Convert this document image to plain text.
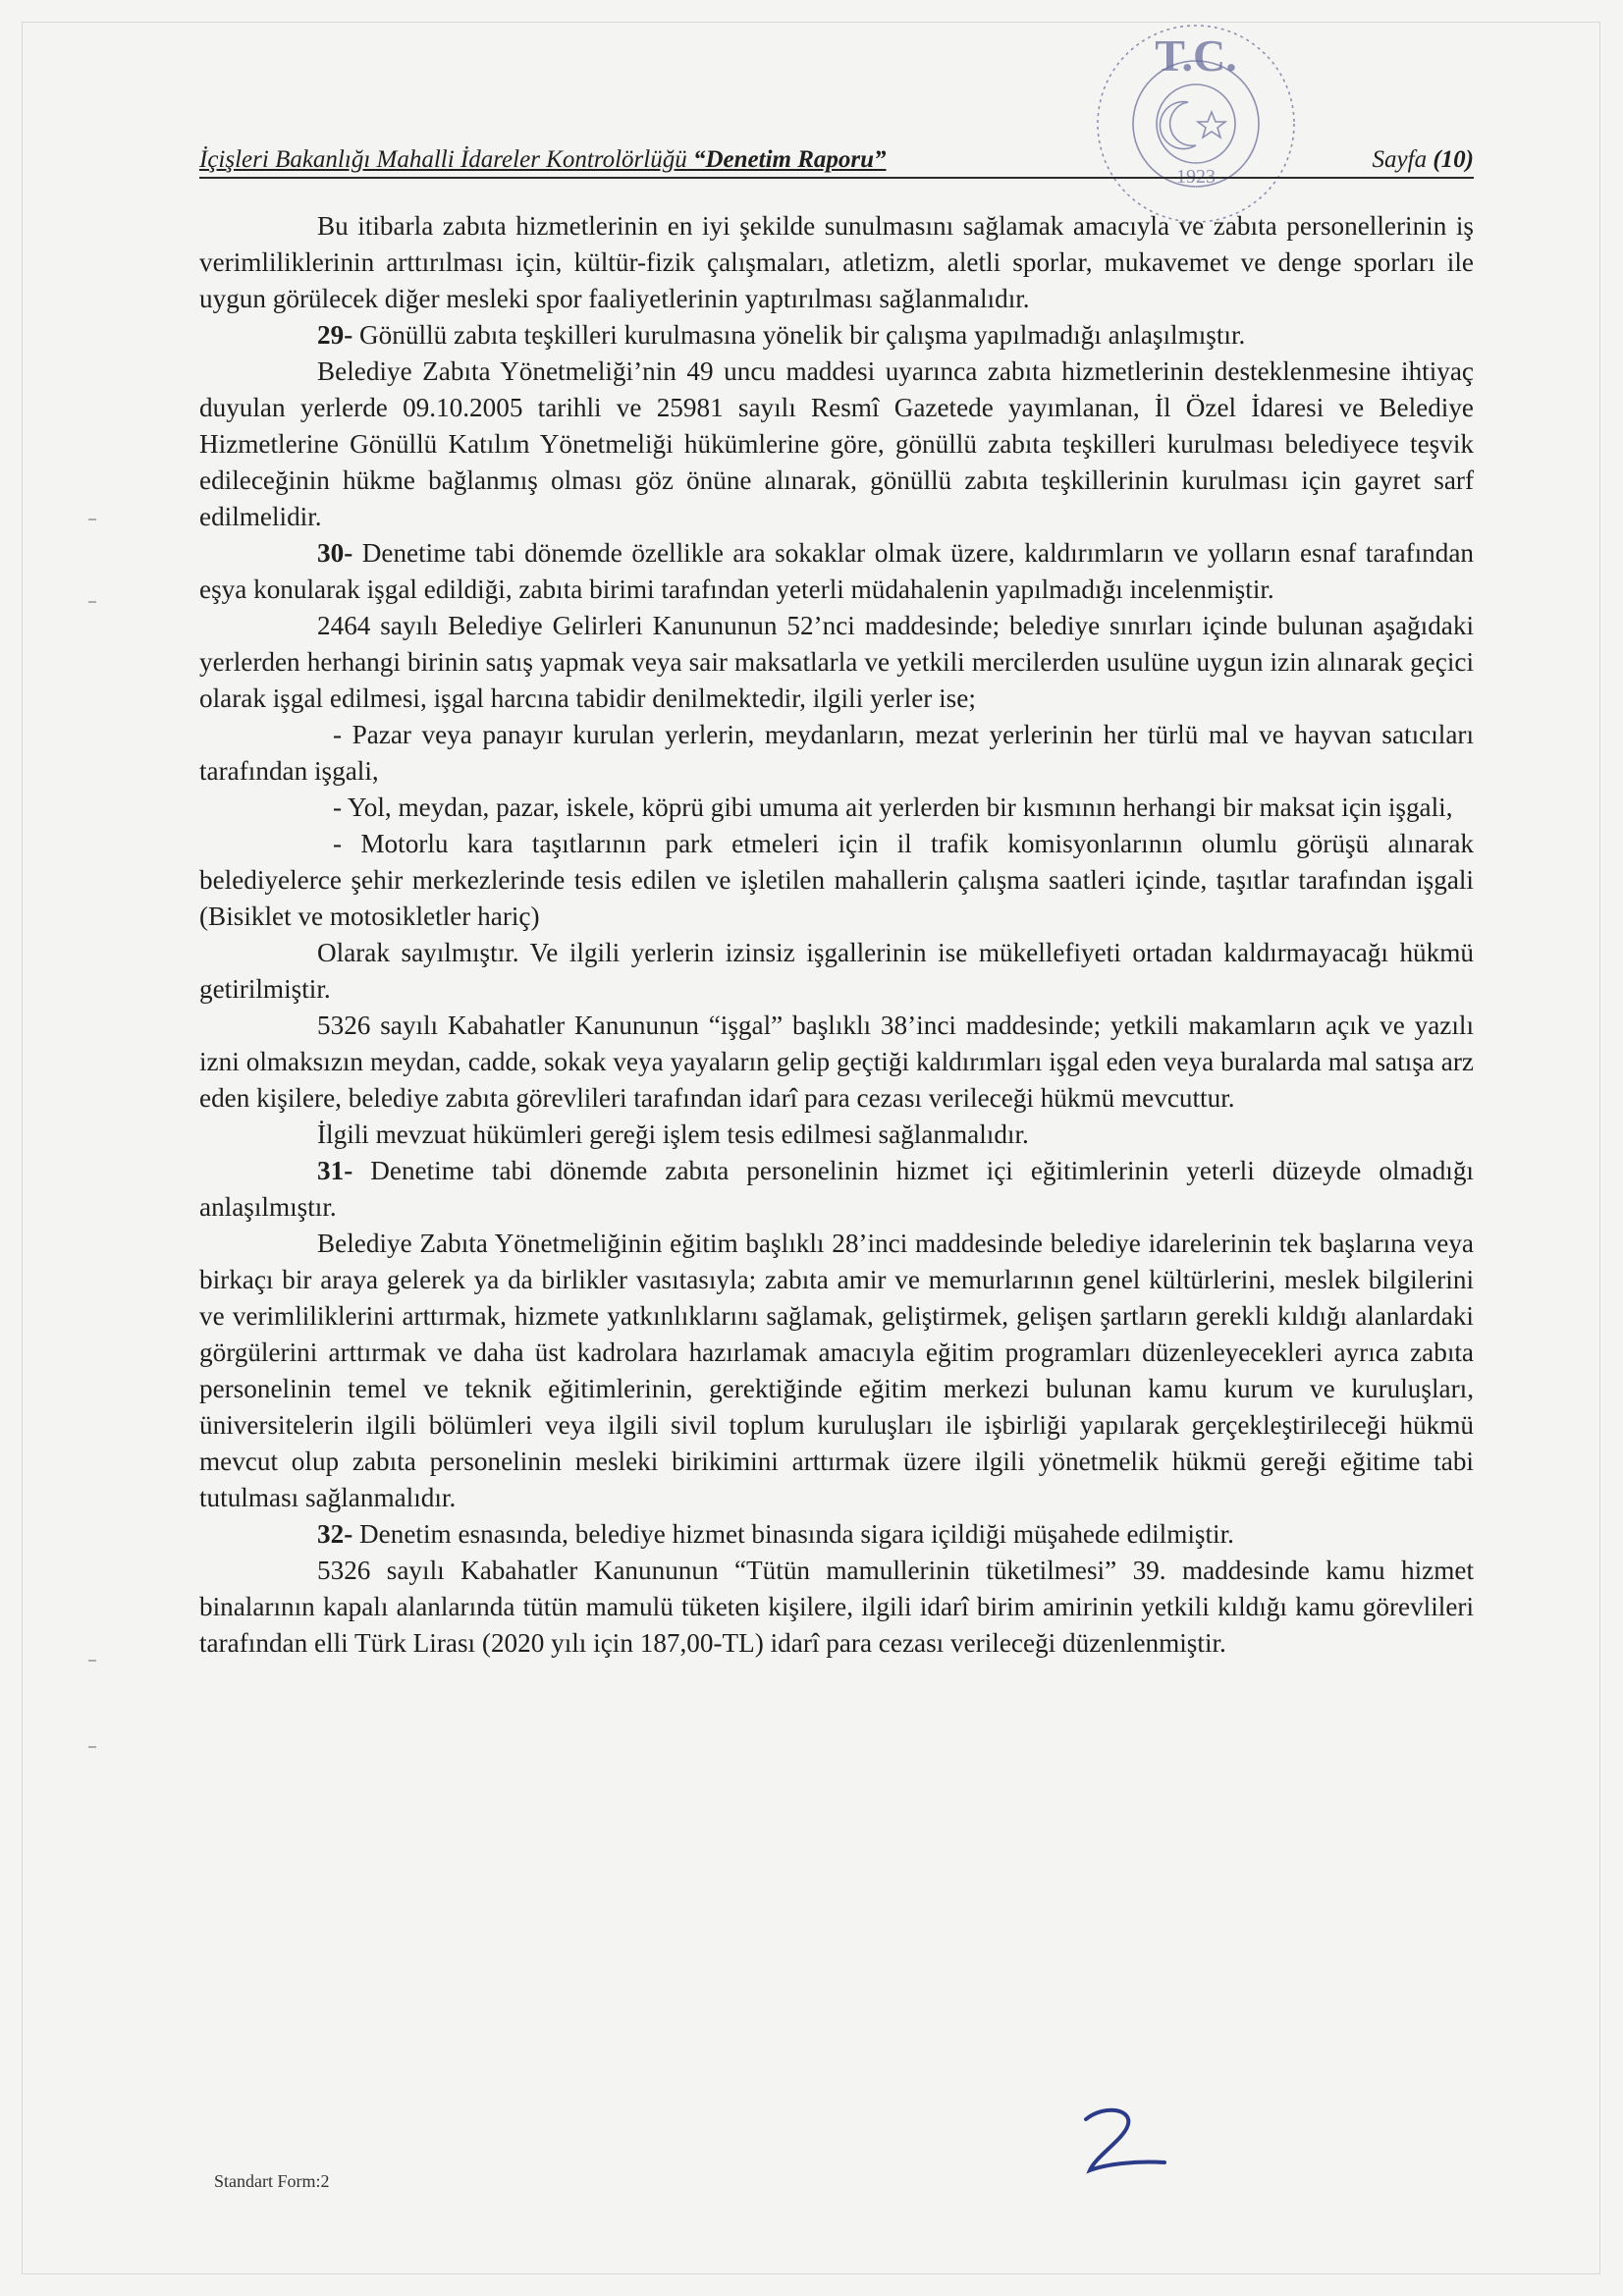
T.C.
1923
İçişleri Bakanlığı Mahalli İdareler Kontrolörlüğü “Denetim Raporu”	Sayfa (10)

Bu itibarla zabıta hizmetlerinin en iyi şekilde sunulmasını sağlamak amacıyla ve zabıta personellerinin iş verimliliklerinin arttırılması için, kültür-fizik çalışmaları, atletizm, aletli sporlar, mukavemet ve denge sporları ile uygun görülecek diğer mesleki spor faaliyetlerinin yaptırılması sağlanmalıdır.

29- Gönüllü zabıta teşkilleri kurulmasına yönelik bir çalışma yapılmadığı anlaşılmıştır.

Belediye Zabıta Yönetmeliği’nin 49 uncu maddesi uyarınca zabıta hizmetlerinin desteklenmesine ihtiyaç duyulan yerlerde 09.10.2005 tarihli ve 25981 sayılı Resmî Gazetede yayımlanan, İl Özel İdaresi ve Belediye Hizmetlerine Gönüllü Katılım Yönetmeliği hükümlerine göre, gönüllü zabıta teşkilleri kurulması belediyece teşvik edileceğinin hükme bağlanmış olması göz önüne alınarak, gönüllü zabıta teşkillerinin kurulması için gayret sarf edilmelidir.

30- Denetime tabi dönemde özellikle ara sokaklar olmak üzere, kaldırımların ve yolların esnaf tarafından eşya konularak işgal edildiği, zabıta birimi tarafından yeterli müdahalenin yapılmadığı incelenmiştir.

2464 sayılı Belediye Gelirleri Kanununun 52’nci maddesinde; belediye sınırları içinde bulunan aşağıdaki yerlerden herhangi birinin satış yapmak veya sair maksatlarla ve yetkili mercilerden usulüne uygun izin alınarak geçici olarak işgal edilmesi, işgal harcına tabidir denilmektedir, ilgili yerler ise;

- Pazar veya panayır kurulan yerlerin, meydanların, mezat yerlerinin her türlü mal ve hayvan satıcıları tarafından işgali,

- Yol, meydan, pazar, iskele, köprü gibi umuma ait yerlerden bir kısmının herhangi bir maksat için işgali,

- Motorlu kara taşıtlarının park etmeleri için il trafik komisyonlarının olumlu görüşü alınarak belediyelerce şehir merkezlerinde tesis edilen ve işletilen mahallerin çalışma saatleri içinde, taşıtlar tarafından işgali (Bisiklet ve motosikletler hariç)

Olarak sayılmıştır. Ve ilgili yerlerin izinsiz işgallerinin ise mükellefiyeti ortadan kaldırmayacağı hükmü getirilmiştir.

5326 sayılı Kabahatler Kanununun “işgal” başlıklı 38’inci maddesinde; yetkili makamların açık ve yazılı izni olmaksızın meydan, cadde, sokak veya yayaların gelip geçtiği kaldırımları işgal eden veya buralarda mal satışa arz eden kişilere, belediye zabıta görevlileri tarafından idarî para cezası verileceği hükmü mevcuttur.

İlgili mevzuat hükümleri gereği işlem tesis edilmesi sağlanmalıdır.

31- Denetime tabi dönemde zabıta personelinin hizmet içi eğitimlerinin yeterli düzeyde olmadığı anlaşılmıştır.

Belediye Zabıta Yönetmeliğinin eğitim başlıklı 28’inci maddesinde belediye idarelerinin tek başlarına veya birkaçı bir araya gelerek ya da birlikler vasıtasıyla; zabıta amir ve memurlarının genel kültürlerini, meslek bilgilerini ve verimliliklerini arttırmak, hizmete yatkınlıklarını sağlamak, geliştirmek, gelişen şartların gerekli kıldığı alanlardaki görgülerini arttırmak ve daha üst kadrolara hazırlamak amacıyla eğitim programları düzenleyecekleri ayrıca zabıta personelinin temel ve teknik eğitimlerinin, gerektiğinde eğitim merkezi bulunan kamu kurum ve kuruluşları, üniversitelerin ilgili bölümleri veya ilgili sivil toplum kuruluşları ile işbirliği yapılarak gerçekleştirileceği hükmü mevcut olup zabıta personelinin mesleki birikimini arttırmak üzere ilgili yönetmelik hükmü gereği eğitime tabi tutulması sağlanmalıdır.

32- Denetim esnasında, belediye hizmet binasında sigara içildiği müşahede edilmiştir.

5326 sayılı Kabahatler Kanununun “Tütün mamullerinin tüketilmesi” 39. maddesinde kamu hizmet binalarının kapalı alanlarında tütün mamulü tüketen kişilere, ilgili idarî birim amirinin yetkili kıldığı kamu görevlileri tarafından elli Türk Lirası (2020 yılı için 187,00-TL) idarî para cezası verileceği düzenlenmiştir.

Standart Form:2
